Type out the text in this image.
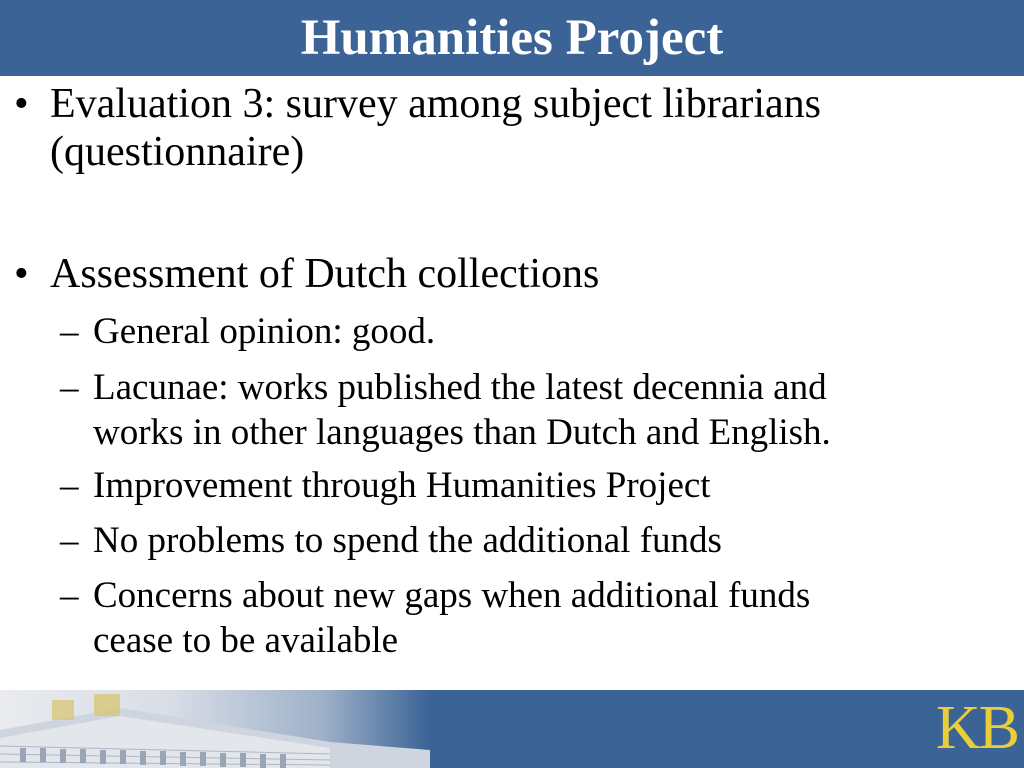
Humanities Project
• Evaluation 3: survey among subject librarians
(questionnaire)
• Assessment of Dutch collections
– General opinion: good.
– Lacunae: works published the latest decennia and
works in other languages than Dutch and English.
– Improvement through Humanities Project
– No problems to spend the additional funds
– Concerns about new gaps when additional funds
cease to be available
KB
